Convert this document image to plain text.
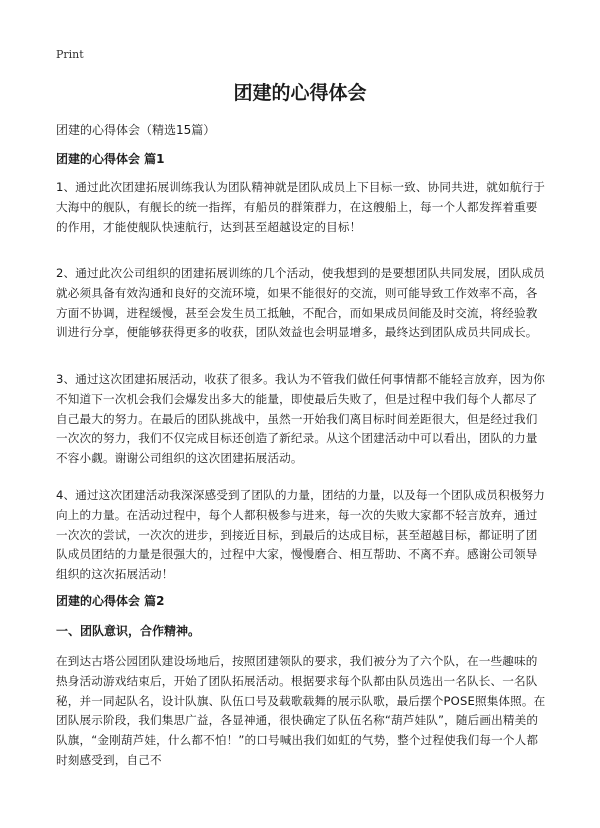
Print
团建的心得体会

团建的心得体会（精选15篇）

团建的心得体会 篇1

1、通过此次团建拓展训练我认为团队精神就是团队成员上下目标一致、协同共进，就如航行于大海中的舰队，有舰长的统一指挥，有船员的群策群力，在这艘船上，每一个人都发挥着重要的作用，才能使舰队快速航行，达到甚至超越设定的目标！

2、通过此次公司组织的团建拓展训练的几个活动，使我想到的是要想团队共同发展，团队成员就必须具备有效沟通和良好的交流环境，如果不能很好的交流，则可能导致工作效率不高，各方面不协调，进程缓慢，甚至会发生员工抵触，不配合，而如果成员间能及时交流，将经验教训进行分享，便能够获得更多的收获，团队效益也会明显增多，最终达到团队成员共同成长。

3、通过这次团建拓展活动，收获了很多。我认为不管我们做任何事情都不能轻言放弃，因为你不知道下一次机会我们会爆发出多大的能量，即使最后失败了，但是过程中我们每个人都尽了自己最大的努力。在最后的团队挑战中，虽然一开始我们离目标时间差距很大，但是经过我们一次次的努力，我们不仅完成目标还创造了新纪录。从这个团建活动中可以看出，团队的力量不容小觑。谢谢公司组织的这次团建拓展活动。

4、通过这次团建活动我深深感受到了团队的力量，团结的力量，以及每一个团队成员积极努力向上的力量。在活动过程中，每个人都积极参与进来，每一次的失败大家都不轻言放弃，通过一次次的尝试，一次次的进步，到接近目标，到最后的达成目标，甚至超越目标，都证明了团队成员团结的力量是很强大的，过程中大家，慢慢磨合、相互帮助、不离不弃。感谢公司领导组织的这次拓展活动！

团建的心得体会 篇2

一、团队意识，合作精神。

在到达古塔公园团队建设场地后，按照团建领队的要求，我们被分为了六个队，在一些趣味的热身活动游戏结束后，开始了团队拓展活动。根据要求每个队都由队员选出一名队长、一名队秘，并一同起队名，设计队旗、队伍口号及载歌载舞的展示队歌，最后摆个POSE照集体照。在团队展示阶段，我们集思广益，各显神通，很快确定了队伍名称“葫芦娃队”，随后画出精美的队旗，“金刚葫芦娃，什么都不怕！”的口号喊出我们如虹的气势，整个过程使我们每一个人都时刻感受到，自己不
